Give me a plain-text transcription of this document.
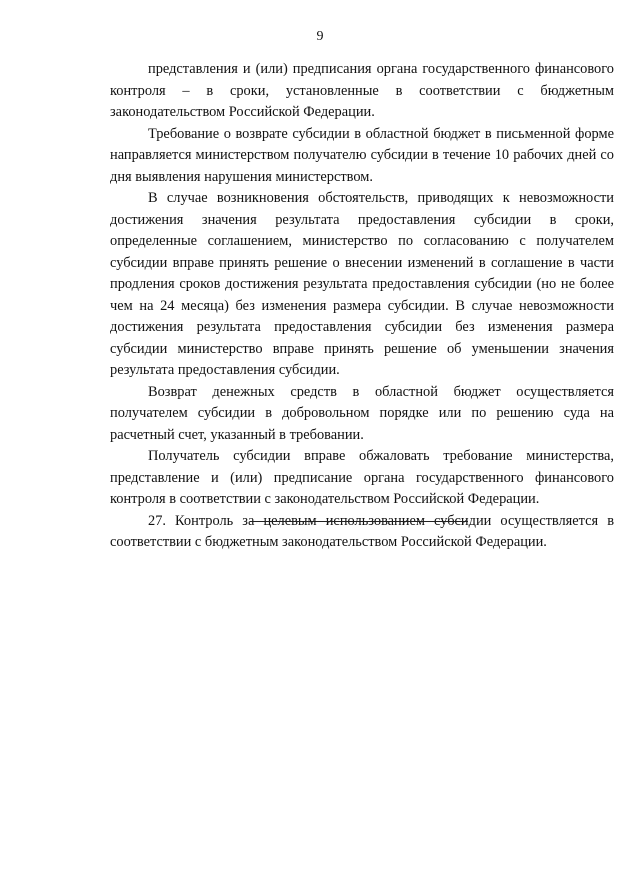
9

представления и (или) предписания органа государственного финансового контроля – в сроки, установленные в соответствии с бюджетным законодательством Российской Федерации.

Требование о возврате субсидии в областной бюджет в письменной форме направляется министерством получателю субсидии в течение 10 рабочих дней со дня выявления нарушения министерством.

В случае возникновения обстоятельств, приводящих к невозможности достижения значения результата предоставления субсидии в сроки, определенные соглашением, министерство по согласованию с получателем субсидии вправе принять решение о внесении изменений в соглашение в части продления сроков достижения результата предоставления субсидии (но не более чем на 24 месяца) без изменения размера субсидии. В случае невозможности достижения результата предоставления субсидии без изменения размера субсидии министерство вправе принять решение об уменьшении значения результата предоставления субсидии.

Возврат денежных средств в областной бюджет осуществляется получателем субсидии в добровольном порядке или по решению суда на расчетный счет, указанный в требовании.

Получатель субсидии вправе обжаловать требование министерства, представление и (или) предписание органа государственного финансового контроля в соответствии с законодательством Российской Федерации.

27. Контроль за целевым использованием субсидии осуществляется в соответствии с бюджетным законодательством Российской Федерации.
